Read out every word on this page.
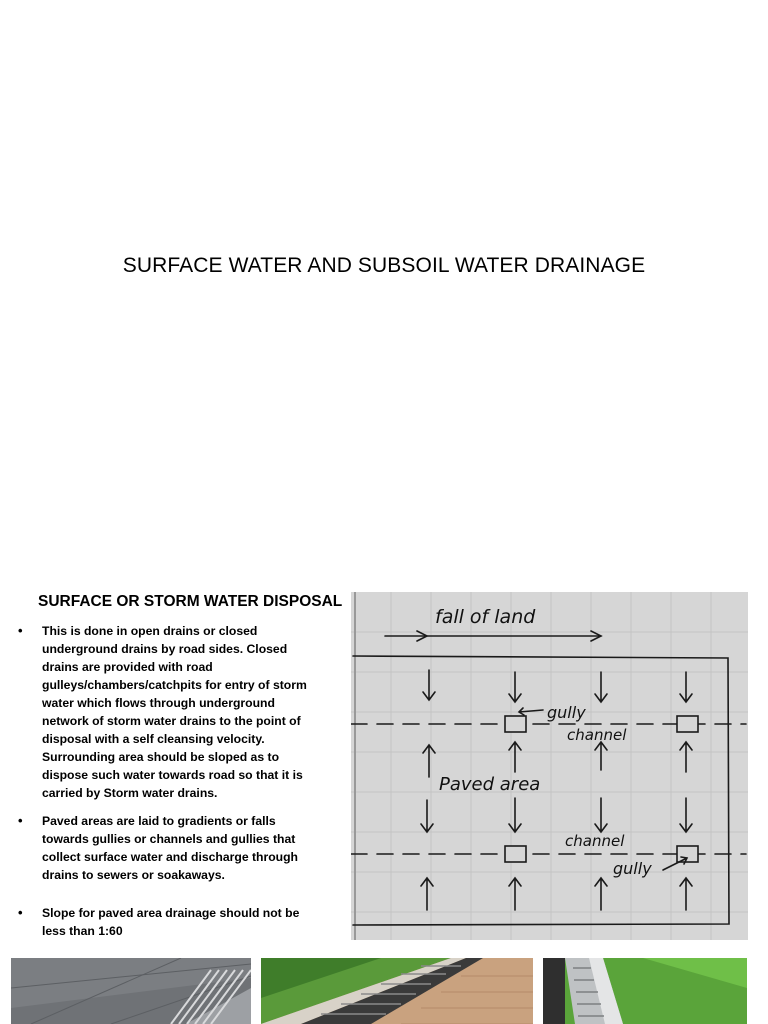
SURFACE WATER AND SUBSOIL WATER DRAINAGE
SURFACE OR STORM WATER DISPOSAL
• This is done in open drains or closed underground drains by road sides. Closed drains are provided with road gulleys/chambers/catchpits for entry of storm water which flows through underground network of storm water drains to the point of disposal with a self cleansing velocity. Surrounding area should be sloped as to dispose such water towards road so that it is carried by Storm water drains.
• Paved areas are laid to gradients or falls towards gullies or channels and gullies that collect surface water and discharge through drains to sewers or soakaways.
• Slope for paved area drainage should not be less than 1:60
fall of land
gully
channel
Paved area
channel
gully
